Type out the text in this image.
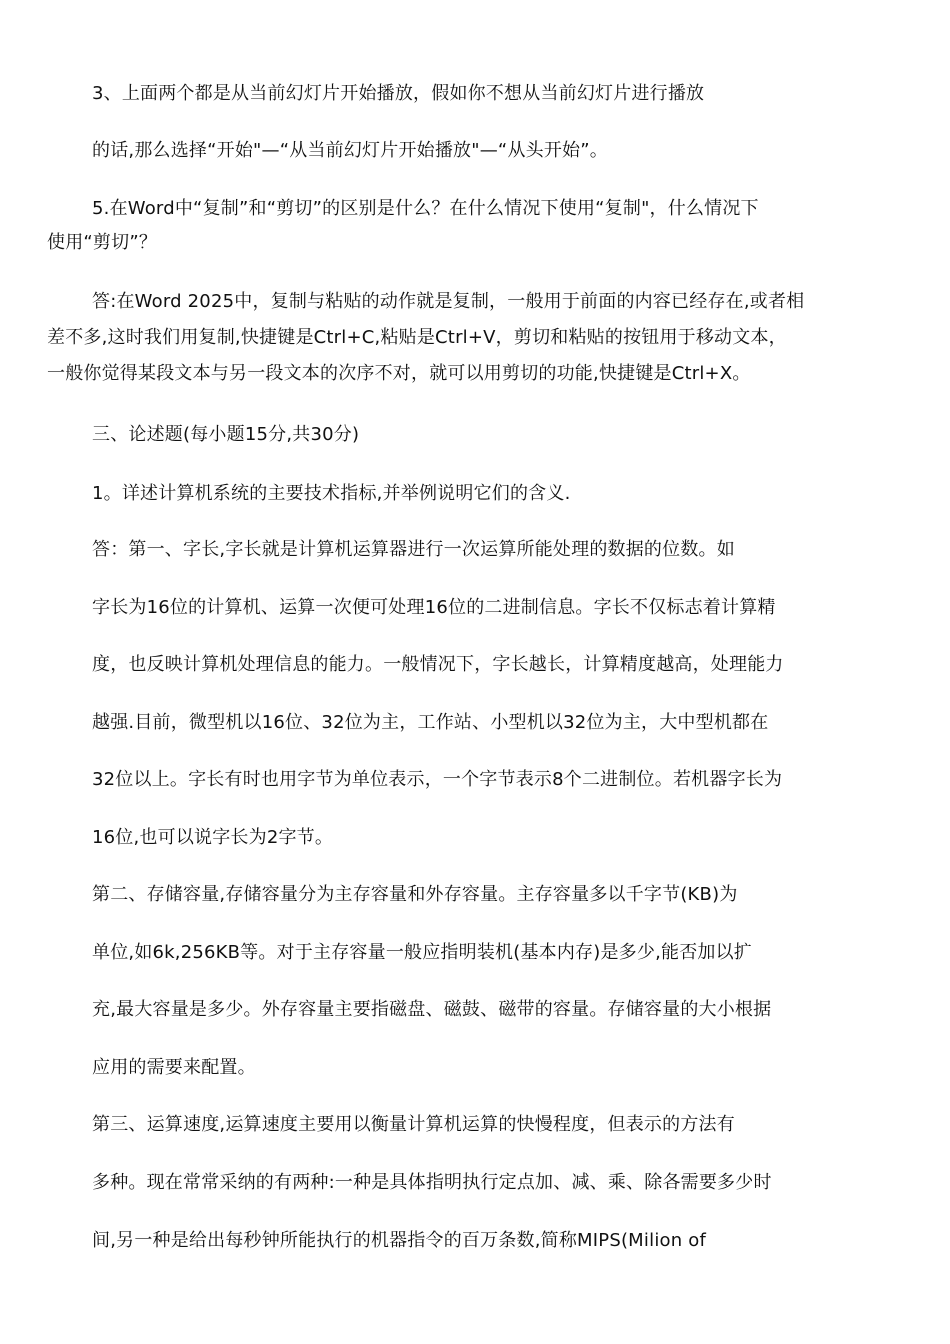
3、上面两个都是从当前幻灯片开始播放，假如你不想从当前幻灯片进行播放
的话,那么选择“开始"—“从当前幻灯片开始播放"—“从头开始”。
5.在Word中“复制”和“剪切”的区别是什么？在什么情况下使用“复制"，什么情况下
使用“剪切”？
答:在Word 2025中，复制与粘贴的动作就是复制，一般用于前面的内容已经存在,或者相
差不多,这时我们用复制,快捷键是Ctrl+C,粘贴是Ctrl+V，剪切和粘贴的按钮用于移动文本，
一般你觉得某段文本与另一段文本的次序不对，就可以用剪切的功能,快捷键是Ctrl+X。
三、论述题(每小题15分,共30分)
1。详述计算机系统的主要技术指标,并举例说明它们的含义.
答：第一、字长,字长就是计算机运算器进行一次运算所能处理的数据的位数。如
字长为16位的计算机、运算一次便可处理16位的二进制信息。字长不仅标志着计算精
度，也反映计算机处理信息的能力。一般情况下，字长越长，计算精度越高，处理能力
越强.目前，微型机以16位、32位为主，工作站、小型机以32位为主，大中型机都在
32位以上。字长有时也用字节为单位表示，一个字节表示8个二进制位。若机器字长为
16位,也可以说字长为2字节。
第二、存储容量,存储容量分为主存容量和外存容量。主存容量多以千字节(KB)为
单位,如6k,256KB等。对于主存容量一般应指明装机(基本内存)是多少,能否加以扩
充,最大容量是多少。外存容量主要指磁盘、磁鼓、磁带的容量。存储容量的大小根据
应用的需要来配置。
第三、运算速度,运算速度主要用以衡量计算机运算的快慢程度，但表示的方法有
多种。现在常常采纳的有两种:一种是具体指明执行定点加、减、乘、除各需要多少时
间,另一种是给出每秒钟所能执行的机器指令的百万条数,简称MIPS(Milion of
